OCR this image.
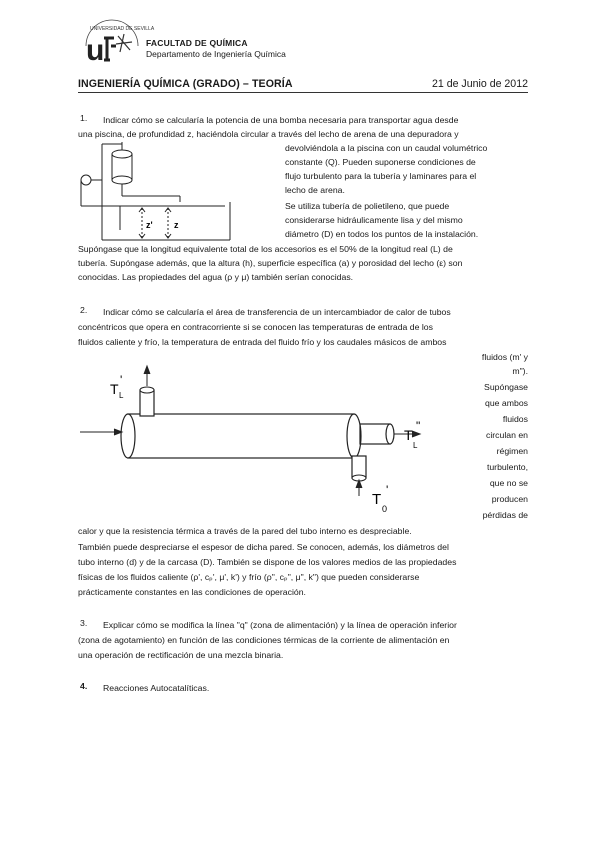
UNIVERSIDAD DE SEVILLA
u	FACULTAD DE QUÍMICA
Departamento de Ingeniería Química
INGENIERÍA QUÍMICA (GRADO) – TEORÍA	21 de Junio de 2012
1. Indicar cómo se calcularía la potencia de una bomba necesaria para transportar agua desde
una piscina, de profundidad z, haciéndola circular a través del lecho de arena de una depuradora y
z' z
devolviéndola a la piscina con un caudal volumétrico
constante (Q). Pueden suponerse condiciones de
flujo turbulento para la tubería y laminares para el
lecho de arena.
Se utiliza tubería de polietileno, que puede
considerarse hidráulicamente lisa y del mismo
diámetro (D) en todos los puntos de la instalación.
Supóngase que la longitud equivalente total de los accesorios es el 50% de la longitud real (L) de
tubería. Supóngase además, que la altura (h), superficie específica (a) y porosidad del lecho (ε) son
conocidas. Las propiedades del agua (ρ y μ) también serían conocidas.
2. Indicar cómo se calcularía el área de transferencia de un intercambiador de calor de tubos
concéntricos que opera en contracorriente si se conocen las temperaturas de entrada de los
fluidos caliente y frío, la temperatura de entrada del fluido frío y los caudales másicos de ambos
T L
'
T
L
"
T
0
'
fluidos (m' y
m").
Supóngase
que ambos
fluidos
circulan en
régimen
turbulento,
que no se
producen
pérdidas de
calor y que la resistencia térmica a través de la pared del tubo interno es despreciable.
También puede despreciarse el espesor de dicha pared. Se conocen, además, los diámetros del
tubo interno (d) y de la carcasa (D). También se dispone de los valores medios de las propiedades
físicas de los fluidos caliente (ρ', cₚ', μ', k') y frío (ρ", cₚ", μ", k") que pueden considerarse
prácticamente constantes en las condiciones de operación.
3. Explicar cómo se modifica la línea "q" (zona de alimentación) y la línea de operación inferior
(zona de agotamiento) en función de las condiciones térmicas de la corriente de alimentación en
una operación de rectificación de una mezcla binaria.
4. Reacciones Autocatalíticas.
